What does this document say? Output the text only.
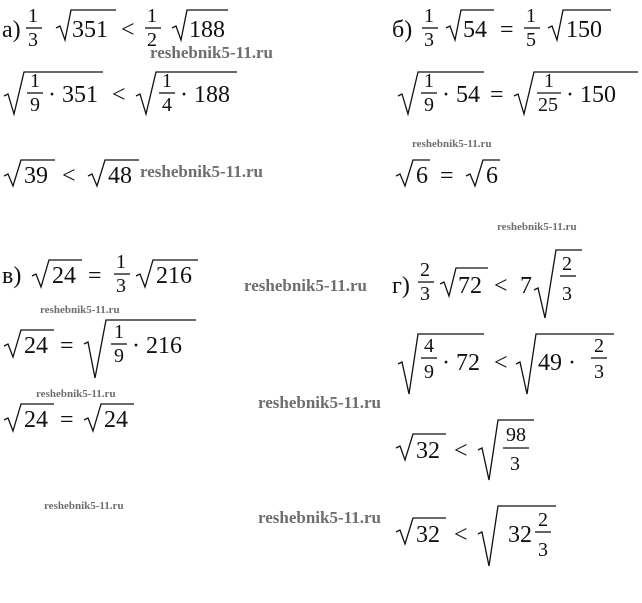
а)
1
3 351 <
1
2 188
1
9 · 351 <
1
4 · 188
39 < 48
б)
1
3 54 =
1
5 150
1
9 · 54 =
1
25 · 150
6 = 6
в) 24 =
1
3 216
24 =
1
9 · 216
24 = 24
г)
2
3 72 < 7
2
3
4
9 · 72 < 49 ·
2
3
32 <
98
3
32 < 32
2
3
reshebnik5-11.ru
reshebnik5-11.ru
reshebnik5-11.ru
reshebnik5-11.ru
reshebnik5-11.ru
reshebnik5-11.ru
reshebnik5-11.ru	reshebnik5-11.ru
reshebnik5-11.ru
reshebnik5-11.ru
